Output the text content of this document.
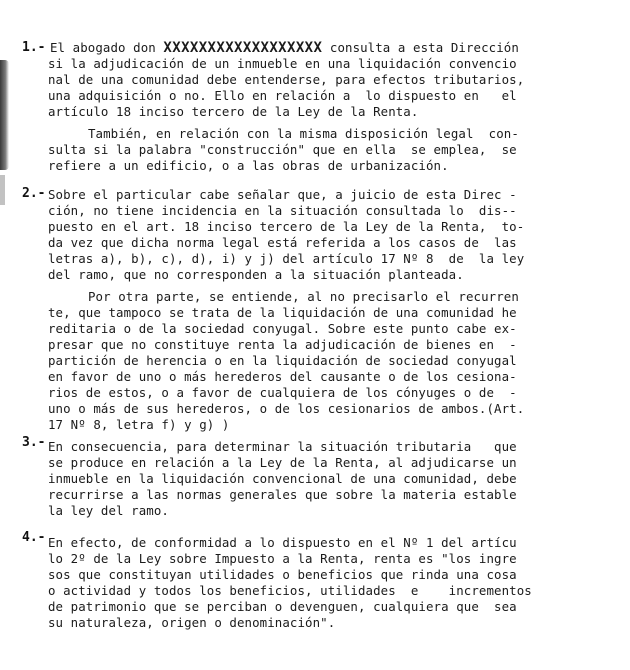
1.- El abogado don XXXXXXXXXXXXXXXXXX consulta a esta Dirección
si la adjudicación de un inmueble en una liquidación convencio
nal de una comunidad debe entenderse, para efectos tributarios,
una adquisición o no. Ello en relación a  lo dispuesto en   el
artículo 18 inciso tercero de la Ley de la Renta.
También, en relación con la misma disposición legal  con-
sulta si la palabra "construcción" que en ella  se emplea,  se
refiere a un edificio, o a las obras de urbanización.
2.- Sobre el particular cabe señalar que, a juicio de esta Direc -
ción, no tiene incidencia en la situación consultada lo  dis--
puesto en el art. 18 inciso tercero de la Ley de la Renta,  to-
da vez que dicha norma legal está referida a los casos de  las
letras a), b), c), d), i) y j) del artículo 17 Nº 8  de  la ley
del ramo, que no corresponden a la situación planteada.
Por otra parte, se entiende, al no precisarlo el recurren
te, que tampoco se trata de la liquidación de una comunidad he
reditaria o de la sociedad conyugal. Sobre este punto cabe ex-
presar que no constituye renta la adjudicación de bienes en  -
partición de herencia o en la liquidación de sociedad conyugal
en favor de uno o más herederos del causante o de los cesiona-
rios de estos, o a favor de cualquiera de los cónyuges o de  -
uno o más de sus herederos, o de los cesionarios de ambos.(Art.
17 Nº 8, letra f) y g) )
3.- En consecuencia, para determinar la situación tributaria   que
se produce en relación a la Ley de la Renta, al adjudicarse un
inmueble en la liquidación convencional de una comunidad, debe
recurrirse a las normas generales que sobre la materia estable
la ley del ramo.
4.- En efecto, de conformidad a lo dispuesto en el Nº 1 del artícu
lo 2º de la Ley sobre Impuesto a la Renta, renta es "los ingre
sos que constituyan utilidades o beneficios que rinda una cosa
o actividad y todos los beneficios, utilidades  e    incrementos
de patrimonio que se perciban o devenguen, cualquiera que  sea
su naturaleza, origen o denominación".
